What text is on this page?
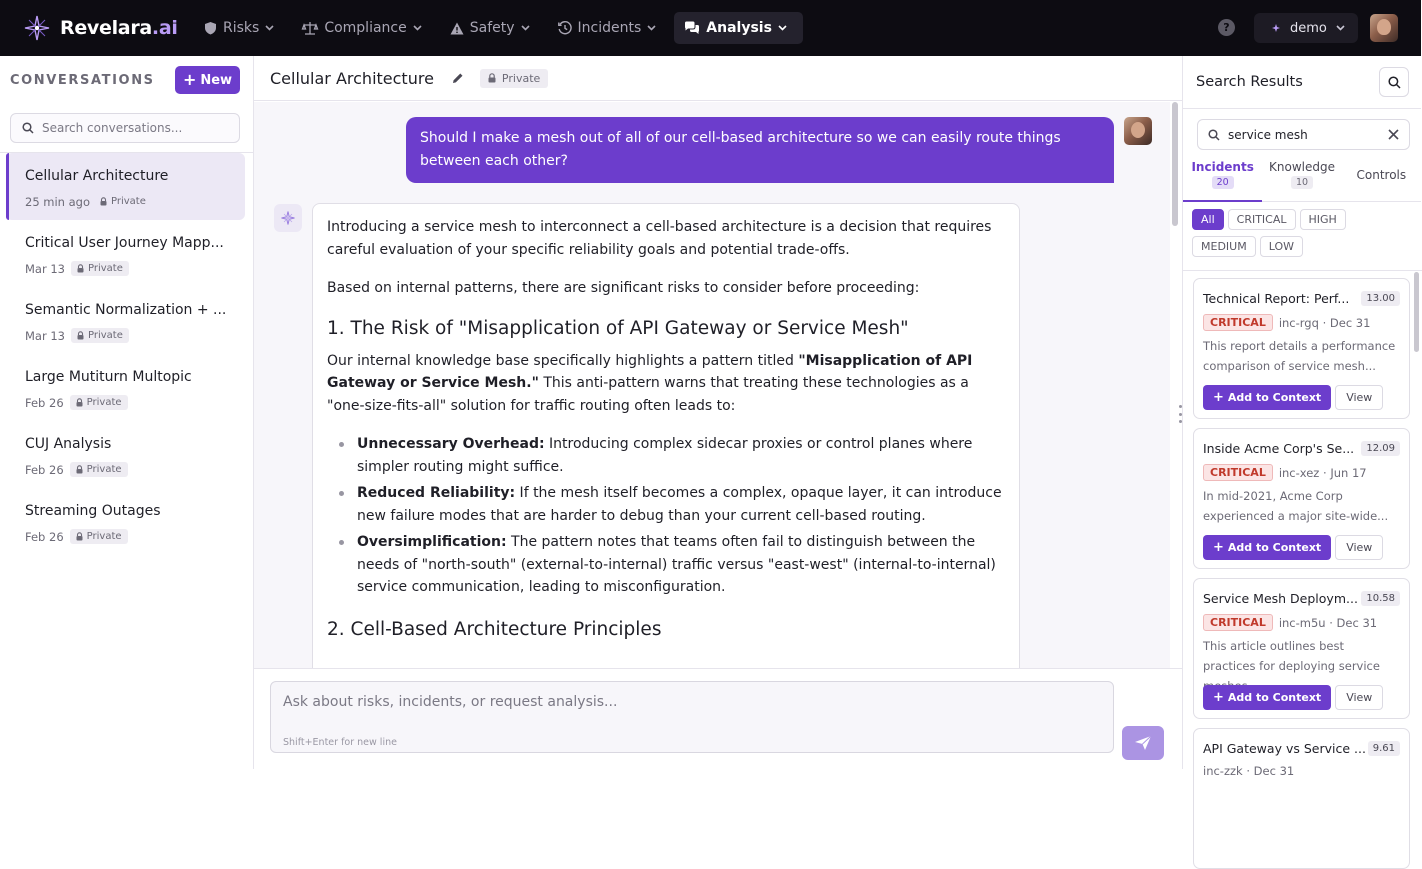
Revelara.ai	Risks	Compliance	Safety	Incidents	Analysis	?	demo
CONVERSATIONS + New
Search conversations...
Cellular Architecture
25 min ago Private
Critical User Journey Mapp...
Mar 13 Private
Semantic Normalization + ...
Mar 13 Private
Large Mutiturn Multopic
Feb 26 Private
CUJ Analysis
Feb 26 Private
Streaming Outages
Feb 26 Private
Cellular Architecture	Private
Should I make a mesh out of all of our cell-based architecture so we can easily route things between each other?

Introducing a service mesh to interconnect a cell-based architecture is a decision that requires careful evaluation of your specific reliability goals and potential trade-offs.

Based on internal patterns, there are significant risks to consider before proceeding:

1. The Risk of "Misapplication of API Gateway or Service Mesh"

Our internal knowledge base specifically highlights a pattern titled "Misapplication of API Gateway or Service Mesh." This anti-pattern warns that treating these technologies as a "one-size-fits-all" solution for traffic routing often leads to:

Unnecessary Overhead: Introducing complex sidecar proxies or control planes where simpler routing might suffice.
Reduced Reliability: If the mesh itself becomes a complex, opaque layer, it can introduce new failure modes that are harder to debug than your current cell-based routing.
Oversimplification: The pattern notes that teams often fail to distinguish between the needs of "north-south" (external-to-internal) traffic versus "east-west" (internal-to-internal) service communication, leading to misconfiguration.
2. Cell-Based Architecture Principles
Ask about risks, incidents, or request analysis...
Shift+Enter for new line
Search Results
service mesh
Incidents
20
Knowledge
10
Controls
All	CRITICAL	HIGH
MEDIUM	LOW
Technical Report: Perf...	13.00
CRITICAL	inc-rgq
· Dec 31
This report details a performance comparison of service mesh...
+ Add to Context	View
Inside Acme Corp's Se...	12.09
CRITICAL	inc-xez
· Jun 17
In mid-2021, Acme Corp experienced a major site-wide...
+ Add to Context	View
Service Mesh Deploym... 10.58
CRITICAL	inc-m5u
· Dec 31
This article outlines best practices for deploying service
+ Add to Context	View
API Gateway vs Service ... 9.61
inc-zzk
· Dec 31
